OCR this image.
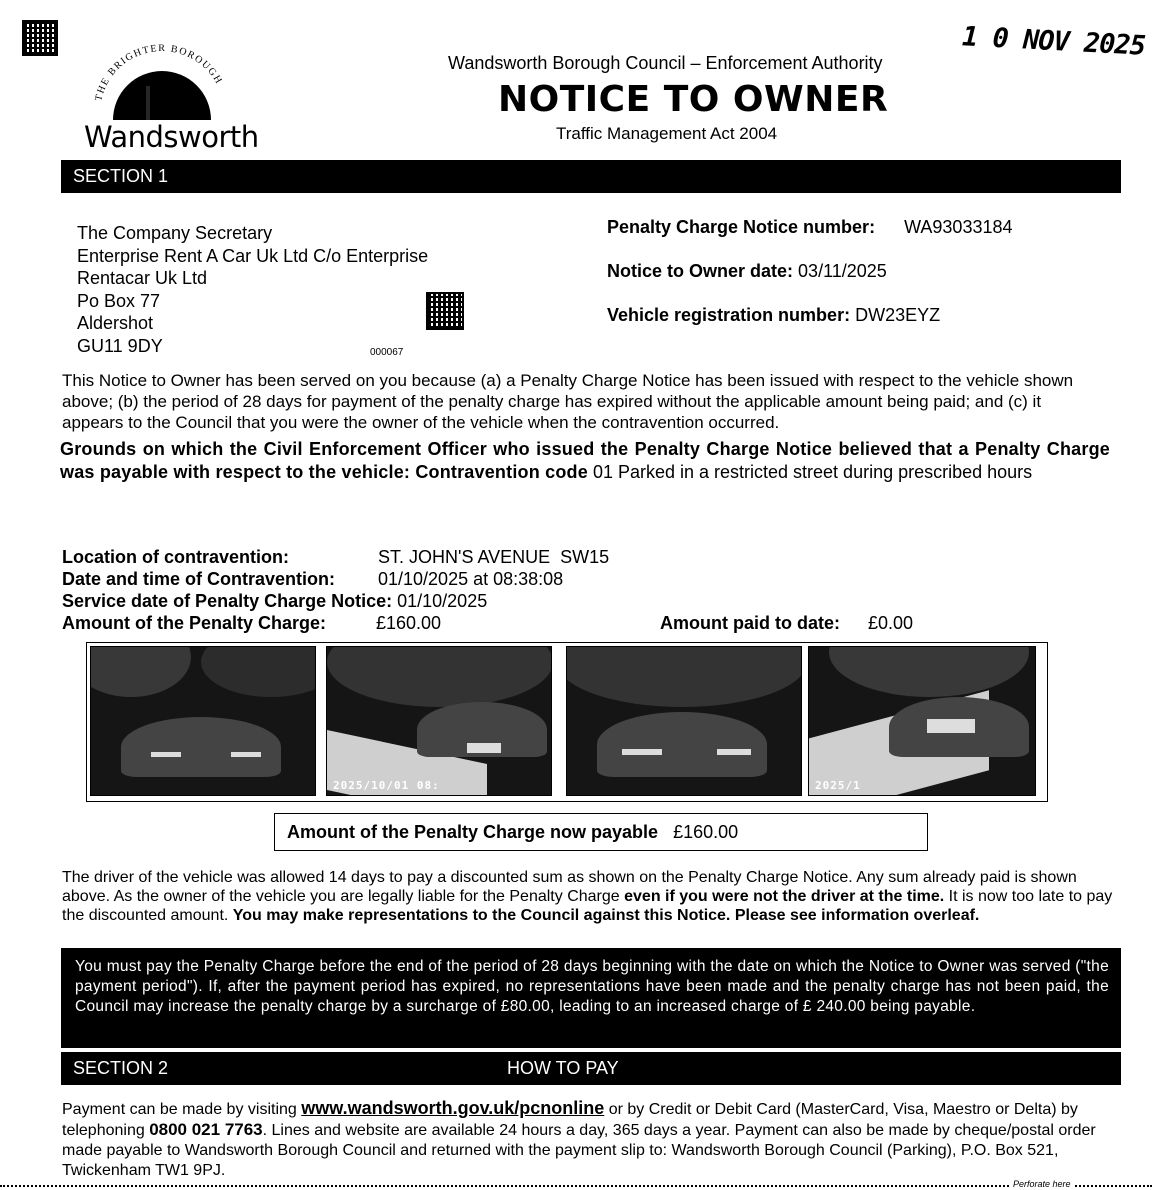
THE BRIGHTER BOROUGH
Wandsworth
Wandsworth Borough Council – Enforcement Authority
NOTICE TO OWNER
Traffic Management Act 2004
1 0 NOV 2025
SECTION 1
The Company Secretary
Enterprise Rent A Car Uk Ltd C/o Enterprise
Rentacar Uk Ltd
Po Box 77
Aldershot
GU11 9DY	000067
Penalty Charge Notice number: WA93033184
Notice to Owner date: 03/11/2025
Vehicle registration number: DW23EYZ

This Notice to Owner has been served on you because (a) a Penalty Charge Notice has been issued with respect to the vehicle shown above; (b) the period of 28 days for payment of the penalty charge has expired without the applicable amount being paid; and (c) it appears to the Council that you were the owner of the vehicle when the contravention occurred.

Grounds on which the Civil Enforcement Officer who issued the Penalty Charge Notice believed that a Penalty Charge was payable with respect to the vehicle: Contravention code 01 Parked in a restricted street during prescribed hours

Location of contravention:	ST. JOHN'S AVENUE  SW15
Date and time of Contravention: 01/10/2025 at 08:38:08
Service date of Penalty Charge Notice: 01/10/2025
Amount of the Penalty Charge:	£160.00	Amount paid to date: £0.00
2025/10/01 08:	2025/1
Amount of the Penalty Charge now payable £160.00

The driver of the vehicle was allowed 14 days to pay a discounted sum as shown on the Penalty Charge Notice. Any sum already paid is shown above. As the owner of the vehicle you are legally liable for the Penalty Charge even if you were not the driver at the time. It is now too late to pay the discounted amount. You may make representations to the Council against this Notice. Please see information overleaf.

You must pay the Penalty Charge before the end of the period of 28 days beginning with the date on which the Notice to Owner was served ("the payment period"). If, after the payment period has expired, no representations have been made and the penalty charge has not been paid, the Council may increase the penalty charge by a surcharge of £80.00, leading to an increased charge of £ 240.00 being payable.

SECTION 2	HOW TO PAY

Payment can be made by visiting www.wandsworth.gov.uk/pcnonline or by Credit or Debit Card (MasterCard, Visa, Maestro or Delta) by telephoning 0800 021 7763. Lines and website are available 24 hours a day, 365 days a year. Payment can also be made by cheque/postal order made payable to Wandsworth Borough Council and returned with the payment slip to: Wandsworth Borough Council (Parking), P.O. Box 521, Twickenham TW1 9PJ.

Perforate here
